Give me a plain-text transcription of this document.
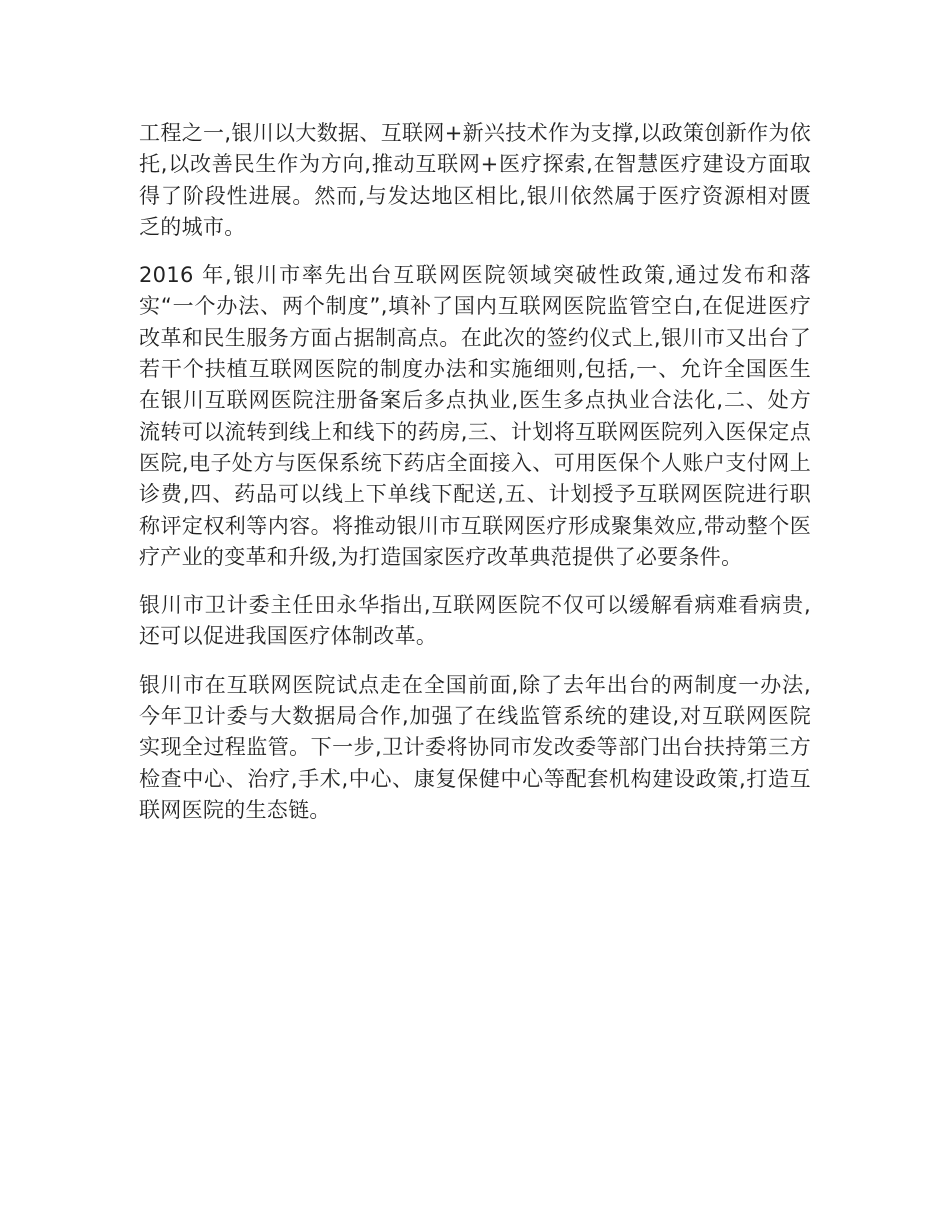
工程之一,银川以大数据、互联网+新兴技术作为支撑,以政策创新作为依托,以改善民生作为方向,推动互联网+医疗探索,在智慧医疗建设方面取得了阶段性进展。然而,与发达地区相比,银川依然属于医疗资源相对匮乏的城市。

2016 年,银川市率先出台互联网医院领域突破性政策,通过发布和落实“一个办法、两个制度”,填补了国内互联网医院监管空白,在促进医疗改革和民生服务方面占据制高点。在此次的签约仪式上,银川市又出台了若干个扶植互联网医院的制度办法和实施细则,包括,一、允许全国医生在银川互联网医院注册备案后多点执业,医生多点执业合法化,二、处方流转可以流转到线上和线下的药房,三、计划将互联网医院列入医保定点医院,电子处方与医保系统下药店全面接入、可用医保个人账户支付网上诊费,四、药品可以线上下单线下配送,五、计划授予互联网医院进行职称评定权利等内容。将推动银川市互联网医疗形成聚集效应,带动整个医疗产业的变革和升级,为打造国家医疗改革典范提供了必要条件。

银川市卫计委主任田永华指出,互联网医院不仅可以缓解看病难看病贵,还可以促进我国医疗体制改革。

银川市在互联网医院试点走在全国前面,除了去年出台的两制度一办法,今年卫计委与大数据局合作,加强了在线监管系统的建设,对互联网医院实现全过程监管。下一步,卫计委将协同市发改委等部门出台扶持第三方检查中心、治疗,手术,中心、康复保健中心等配套机构建设政策,打造互联网医院的生态链。
